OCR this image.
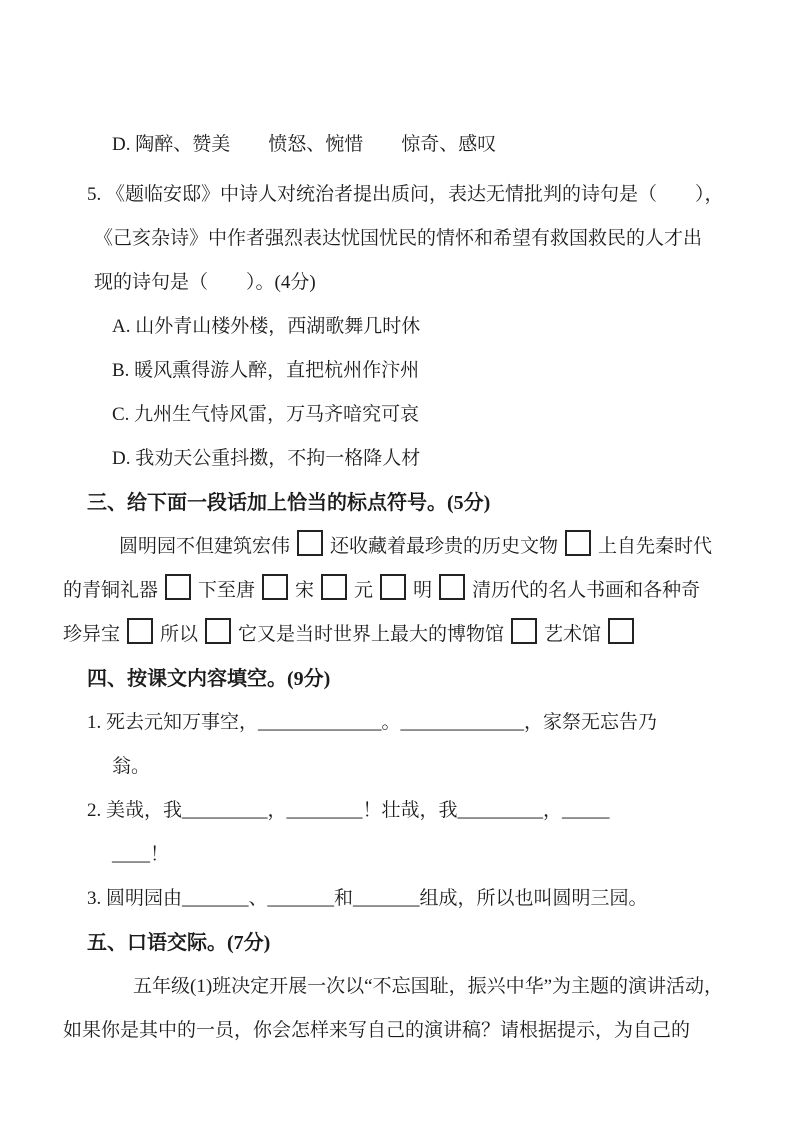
D. 陶醉、赞美　　愤怒、惋惜　　惊奇、感叹
5. 《题临安邸》中诗人对统治者提出质问，表达无情批判的诗句是（　　），
《己亥杂诗》中作者强烈表达忧国忧民的情怀和希望有救国救民的人才出
现的诗句是（　　）。(4分)
A. 山外青山楼外楼，西湖歌舞几时休
B. 暖风熏得游人醉，直把杭州作汴州
C. 九州生气恃风雷，万马齐喑究可哀
D. 我劝天公重抖擞，不拘一格降人材
三、给下面一段话加上恰当的标点符号。(5分)
圆明园不但建筑宏伟 还收藏着最珍贵的历史文物 上自先秦时代
的青铜礼器 下至唐 宋 元 明 清历代的名人书画和各种奇
珍异宝 所以 它又是当时世界上最大的博物馆 艺术馆
四、按课文内容填空。(9分)
1. 死去元知万事空，_____________。_____________，家祭无忘告乃
翁。
2. 美哉，我_________，________！壮哉，我_________，_____
____！
3. 圆明园由_______、_______和_______组成，所以也叫圆明三园。
五、口语交际。(7分)
五年级(1)班决定开展一次以“不忘国耻，振兴中华”为主题的演讲活动，
如果你是其中的一员，你会怎样来写自己的演讲稿？请根据提示，为自己的
